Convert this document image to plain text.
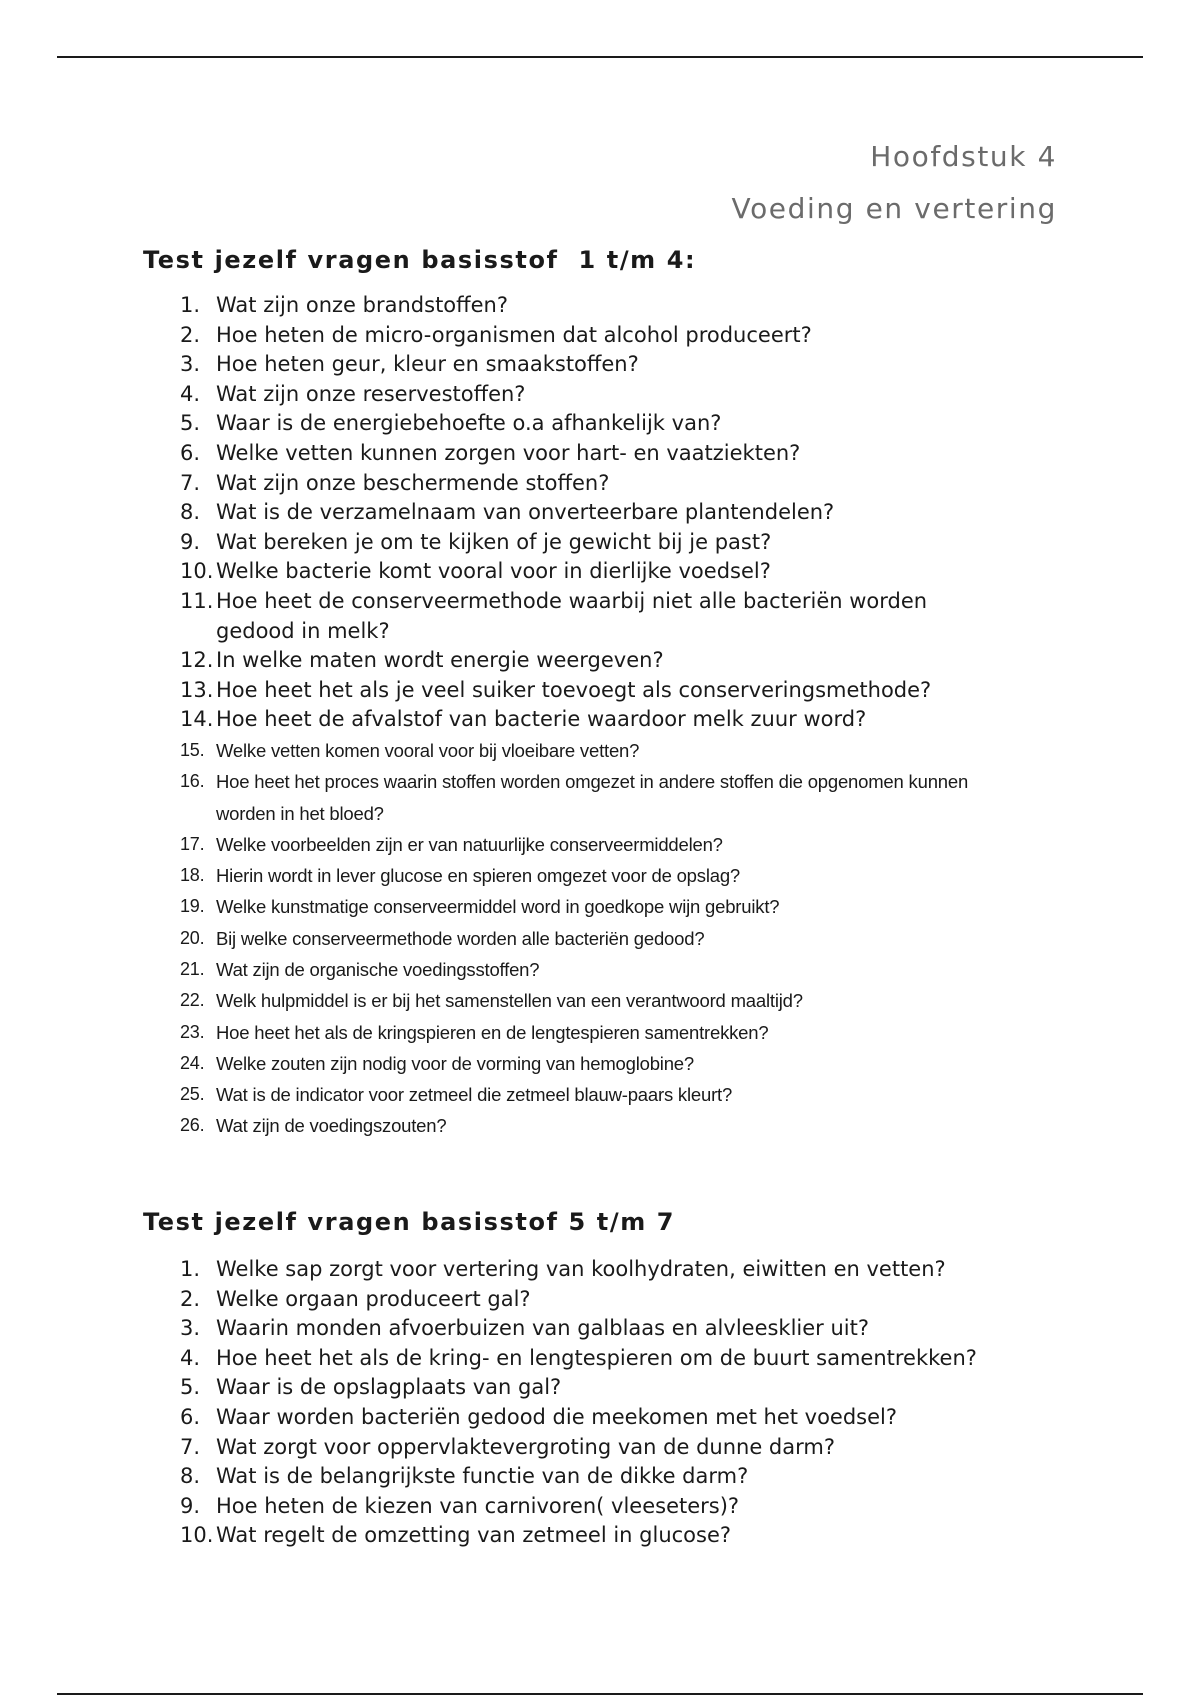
Hoofdstuk 4
Voeding en vertering
Test jezelf vragen basisstof  1 t/m 4:
1. Wat zijn onze brandstoffen?
2. Hoe heten de micro-organismen dat alcohol produceert?
3. Hoe heten geur, kleur en smaakstoffen?
4. Wat zijn onze reservestoffen?
5. Waar is de energiebehoefte o.a afhankelijk van?
6. Welke vetten kunnen zorgen voor hart- en vaatziekten?
7. Wat zijn onze beschermende stoffen?
8. Wat is de verzamelnaam van onverteerbare plantendelen?
9. Wat bereken je om te kijken of je gewicht bij je past?
10. Welke bacterie komt vooral voor in dierlijke voedsel?
11. Hoe heet de conserveermethode waarbij niet alle bacteriën worden gedood in melk?
12. In welke maten wordt energie weergeven?
13. Hoe heet het als je veel suiker toevoegt als conserveringsmethode?
14. Hoe heet de afvalstof van bacterie waardoor melk zuur word?
15. Welke vetten komen vooral voor bij vloeibare vetten?
16. Hoe heet het proces waarin stoffen worden omgezet in andere stoffen die opgenomen kunnen worden in het bloed?
17. Welke voorbeelden zijn er van natuurlijke conserveermiddelen?
18. Hierin wordt in lever glucose en spieren omgezet voor de opslag?
19. Welke kunstmatige conserveermiddel word in goedkope wijn gebruikt?
20. Bij welke conserveermethode worden alle bacteriën gedood?
21. Wat zijn de organische voedingsstoffen?
22. Welk hulpmiddel is er bij het samenstellen van een verantwoord maaltijd?
23. Hoe heet het als de kringspieren en de lengtespieren samentrekken?
24. Welke zouten zijn nodig voor de vorming van hemoglobine?
25. Wat is de indicator voor zetmeel die zetmeel blauw-paars kleurt?
26. Wat zijn de voedingszouten?
Test jezelf vragen basisstof 5 t/m 7
1. Welke sap zorgt voor vertering van koolhydraten, eiwitten en vetten?
2. Welke orgaan produceert gal?
3. Waarin monden afvoerbuizen van galblaas en alvleesklier uit?
4. Hoe heet het als de kring- en lengtespieren om de buurt samentrekken?
5. Waar is de opslagplaats van gal?
6. Waar worden bacteriën gedood die meekomen met het voedsel?
7. Wat zorgt voor oppervlaktevergroting van de dunne darm?
8. Wat is de belangrijkste functie van de dikke darm?
9. Hoe heten de kiezen van carnivoren( vleeseters)?
10. Wat regelt de omzetting van zetmeel in glucose?
